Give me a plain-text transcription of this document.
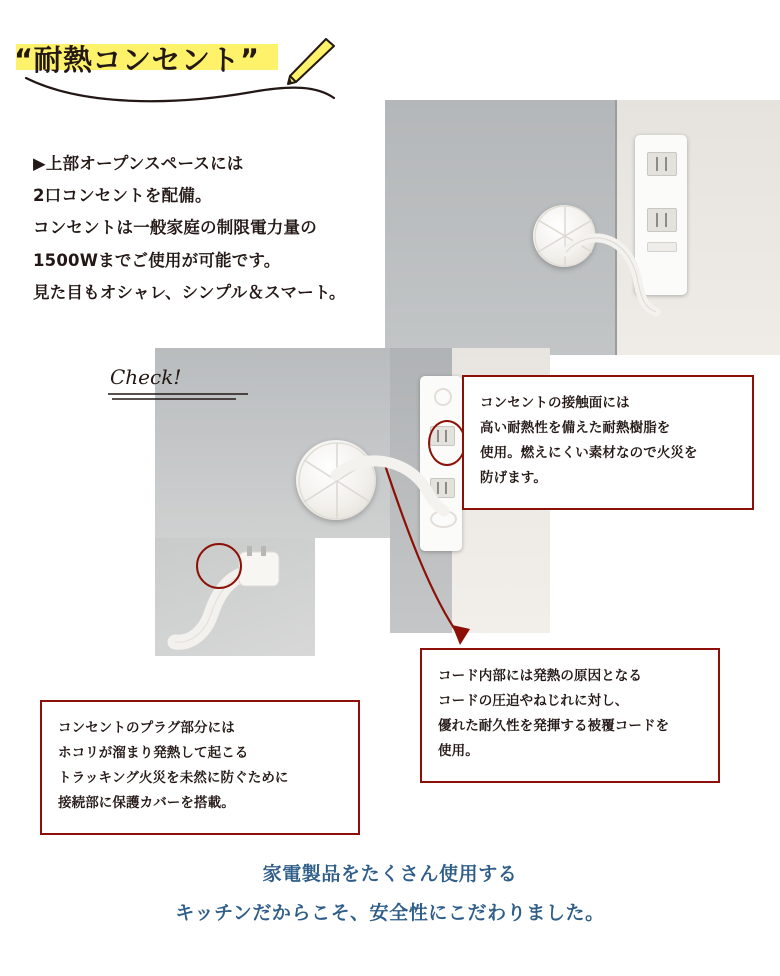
“耐熱コンセント”
▶上部オープンスペースには
2口コンセントを配備。
コンセントは一般家庭の制限電力量の
1500Wまでご使用が可能です。
見た目もオシャレ、シンプル＆スマート。
Check!
コンセントの接触面には
高い耐熱性を備えた耐熱樹脂を
使用。燃えにくい素材なので火災を
防げます。
コード内部には発熱の原因となる
コードの圧迫やねじれに対し、
優れた耐久性を発揮する被覆コードを
使用。
コンセントのプラグ部分には
ホコリが溜まり発熱して起こる
トラッキング火災を未然に防ぐために
接続部に保護カバーを搭載。
家電製品をたくさん使用する
キッチンだからこそ、安全性にこだわりました。
